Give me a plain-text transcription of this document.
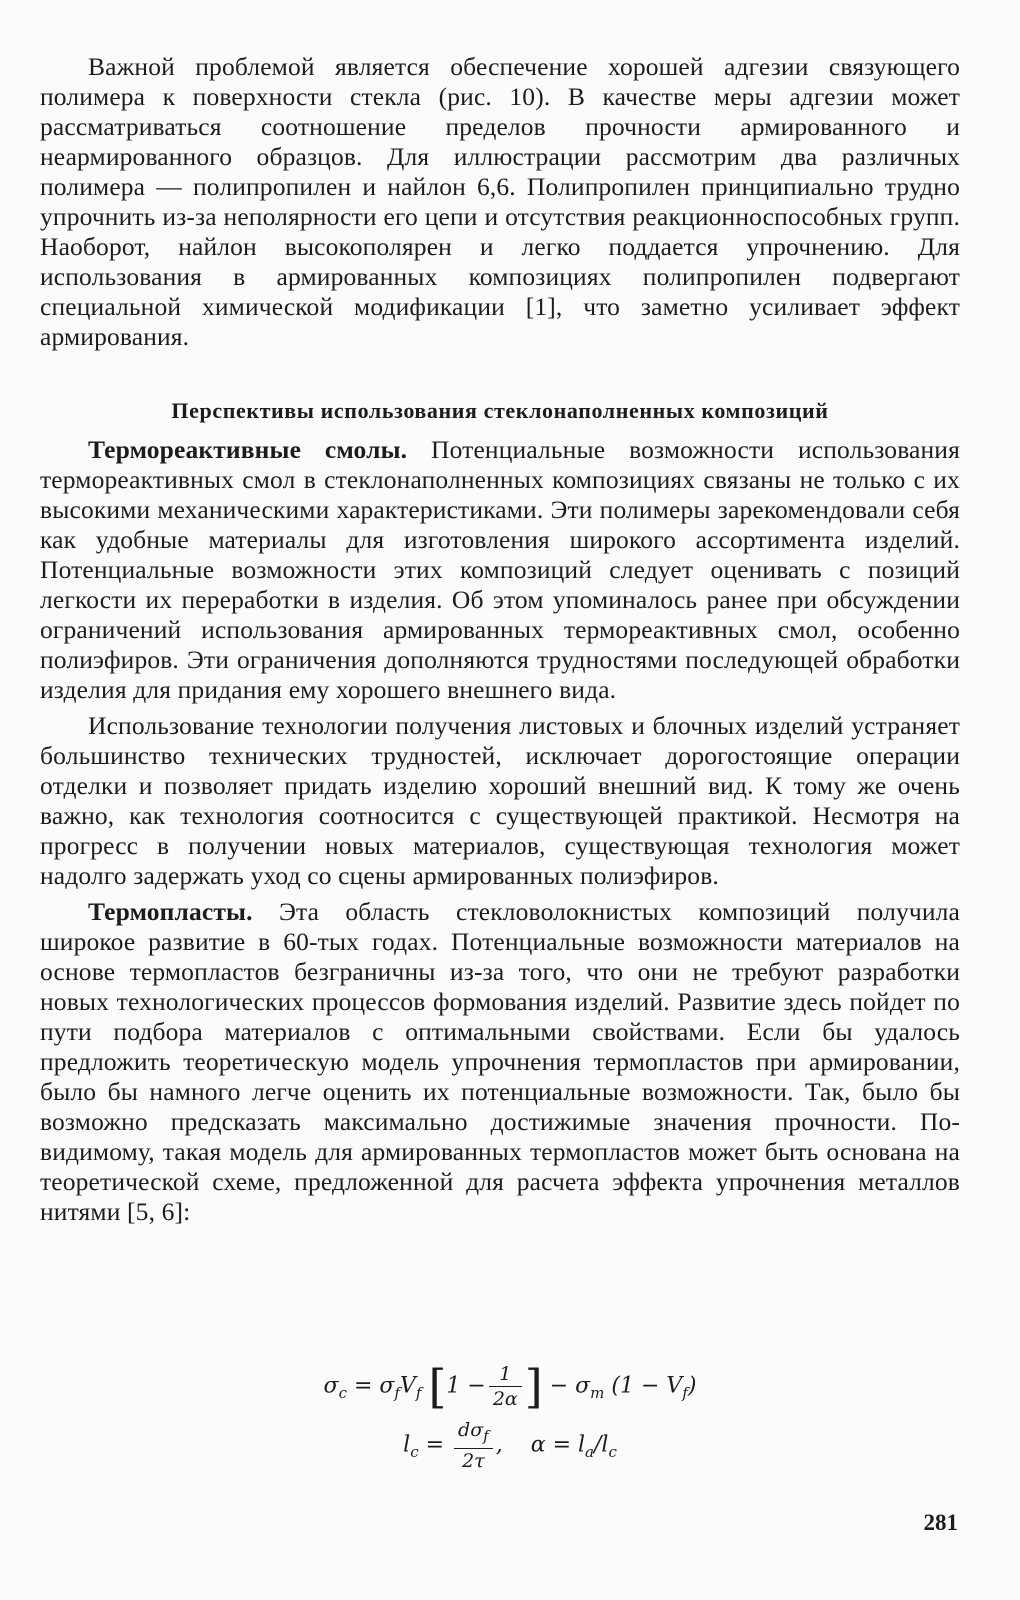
Важной проблемой является обеспечение хорошей адгезии связующего полимера к поверхности стекла (рис. 10). В качестве меры адгезии может рассматриваться соотношение пределов прочности армированного и неармированного образцов. Для иллюстрации рассмотрим два различных полимера — полипропилен и найлон 6,6. Полипропилен принципиально трудно упрочнить из-за неполярности его цепи и отсутствия реакционноспособных групп. Наоборот, найлон высокополярен и легко поддается упрочнению. Для использования в армированных композициях полипропилен подвергают специальной химической модификации [1], что заметно усиливает эффект армирования.

Перспективы использования стеклонаполненных композиций

Термореактивные смолы. Потенциальные возможности использования термореактивных смол в стеклонаполненных композициях связаны не только с их высокими механическими характеристиками. Эти полимеры зарекомендовали себя как удобные материалы для изготовления широкого ассортимента изделий. Потенциальные возможности этих композиций следует оценивать с позиций легкости их переработки в изделия. Об этом упоминалось ранее при обсуждении ограничений использования армированных термореактивных смол, особенно полиэфиров. Эти ограничения дополняются трудностями последующей обработки изделия для придания ему хорошего внешнего вида.

Использование технологии получения листовых и блочных изделий устраняет большинство технических трудностей, исключает дорогостоящие операции отделки и позволяет придать изделию хороший внешний вид. К тому же очень важно, как технология соотносится с существующей практикой. Несмотря на прогресс в получении новых материалов, существующая технология может надолго задержать уход со сцены армированных полиэфиров.

Термопласты. Эта область стекловолокнистых композиций получила широкое развитие в 60-тых годах. Потенциальные возможности материалов на основе термопластов безграничны из-за того, что они не требуют разработки новых технологических процессов формования изделий. Развитие здесь пойдет по пути подбора материалов с оптимальными свойствами. Если бы удалось предложить теоретическую модель упрочнения термопластов при армировании, было бы намного легче оценить их потенциальные возможности. Так, было бы возможно предсказать максимально достижимые значения прочности. По-видимому, такая модель для армированных термопластов может быть основана на теоретической схеме, предложенной для расчета эффекта упрочнения металлов нитями [5, 6]:

$\sigma_c = \sigma_fV_f$ [$1 - \frac{1}{2\alpha}$ ] − $\sigma_m$ $(1 - V_f)$
$l_c = \frac{d\sigma_f}{2\tau}$ , $\alpha = l_a/l_c$
281
